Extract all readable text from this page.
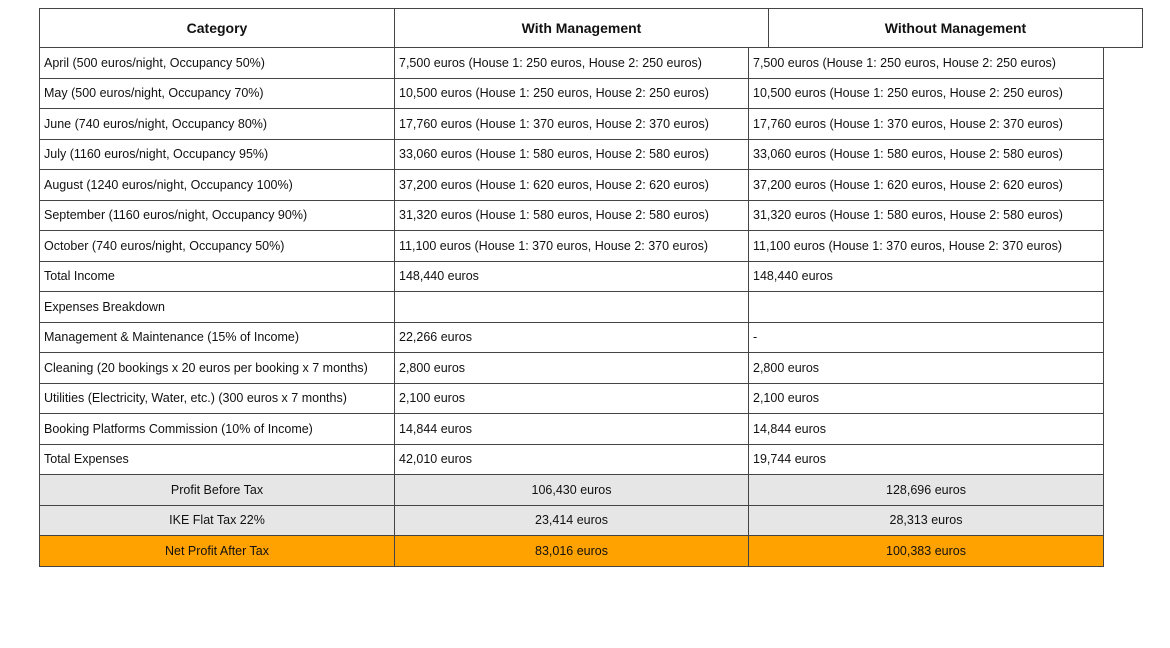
Category	With Management	Without Management
April (500 euros/night, Occupancy 50%)	7,500 euros (House 1: 250 euros, House 2: 250 euros)	7,500 euros (House 1: 250 euros, House 2: 250 euros)
May (500 euros/night, Occupancy 70%)	10,500 euros (House 1: 250 euros, House 2: 250 euros)	10,500 euros (House 1: 250 euros, House 2: 250 euros)
June (740 euros/night, Occupancy 80%)	17,760 euros (House 1: 370 euros, House 2: 370 euros)	17,760 euros (House 1: 370 euros, House 2: 370 euros)
July (1160 euros/night, Occupancy 95%)	33,060 euros (House 1: 580 euros, House 2: 580 euros)	33,060 euros (House 1: 580 euros, House 2: 580 euros)
August (1240 euros/night, Occupancy 100%)	37,200 euros (House 1: 620 euros, House 2: 620 euros)	37,200 euros (House 1: 620 euros, House 2: 620 euros)
September (1160 euros/night, Occupancy 90%)	31,320 euros (House 1: 580 euros, House 2: 580 euros)	31,320 euros (House 1: 580 euros, House 2: 580 euros)
October (740 euros/night, Occupancy 50%)	11,100 euros (House 1: 370 euros, House 2: 370 euros)	11,100 euros (House 1: 370 euros, House 2: 370 euros)
Total Income	148,440 euros	148,440 euros
Expenses Breakdown		
Management & Maintenance (15% of Income)	22,266 euros	-
Cleaning (20 bookings x 20 euros per booking x 7 months)	2,800 euros	2,800 euros
Utilities (Electricity, Water, etc.) (300 euros x 7 months)	2,100 euros	2,100 euros
Booking Platforms Commission (10% of Income)	14,844 euros	14,844 euros
Total Expenses	42,010 euros	19,744 euros
Profit Before Tax	106,430 euros	128,696 euros
IKE Flat Tax 22%	23,414 euros	28,313 euros
Net Profit After Tax	83,016 euros	100,383 euros
